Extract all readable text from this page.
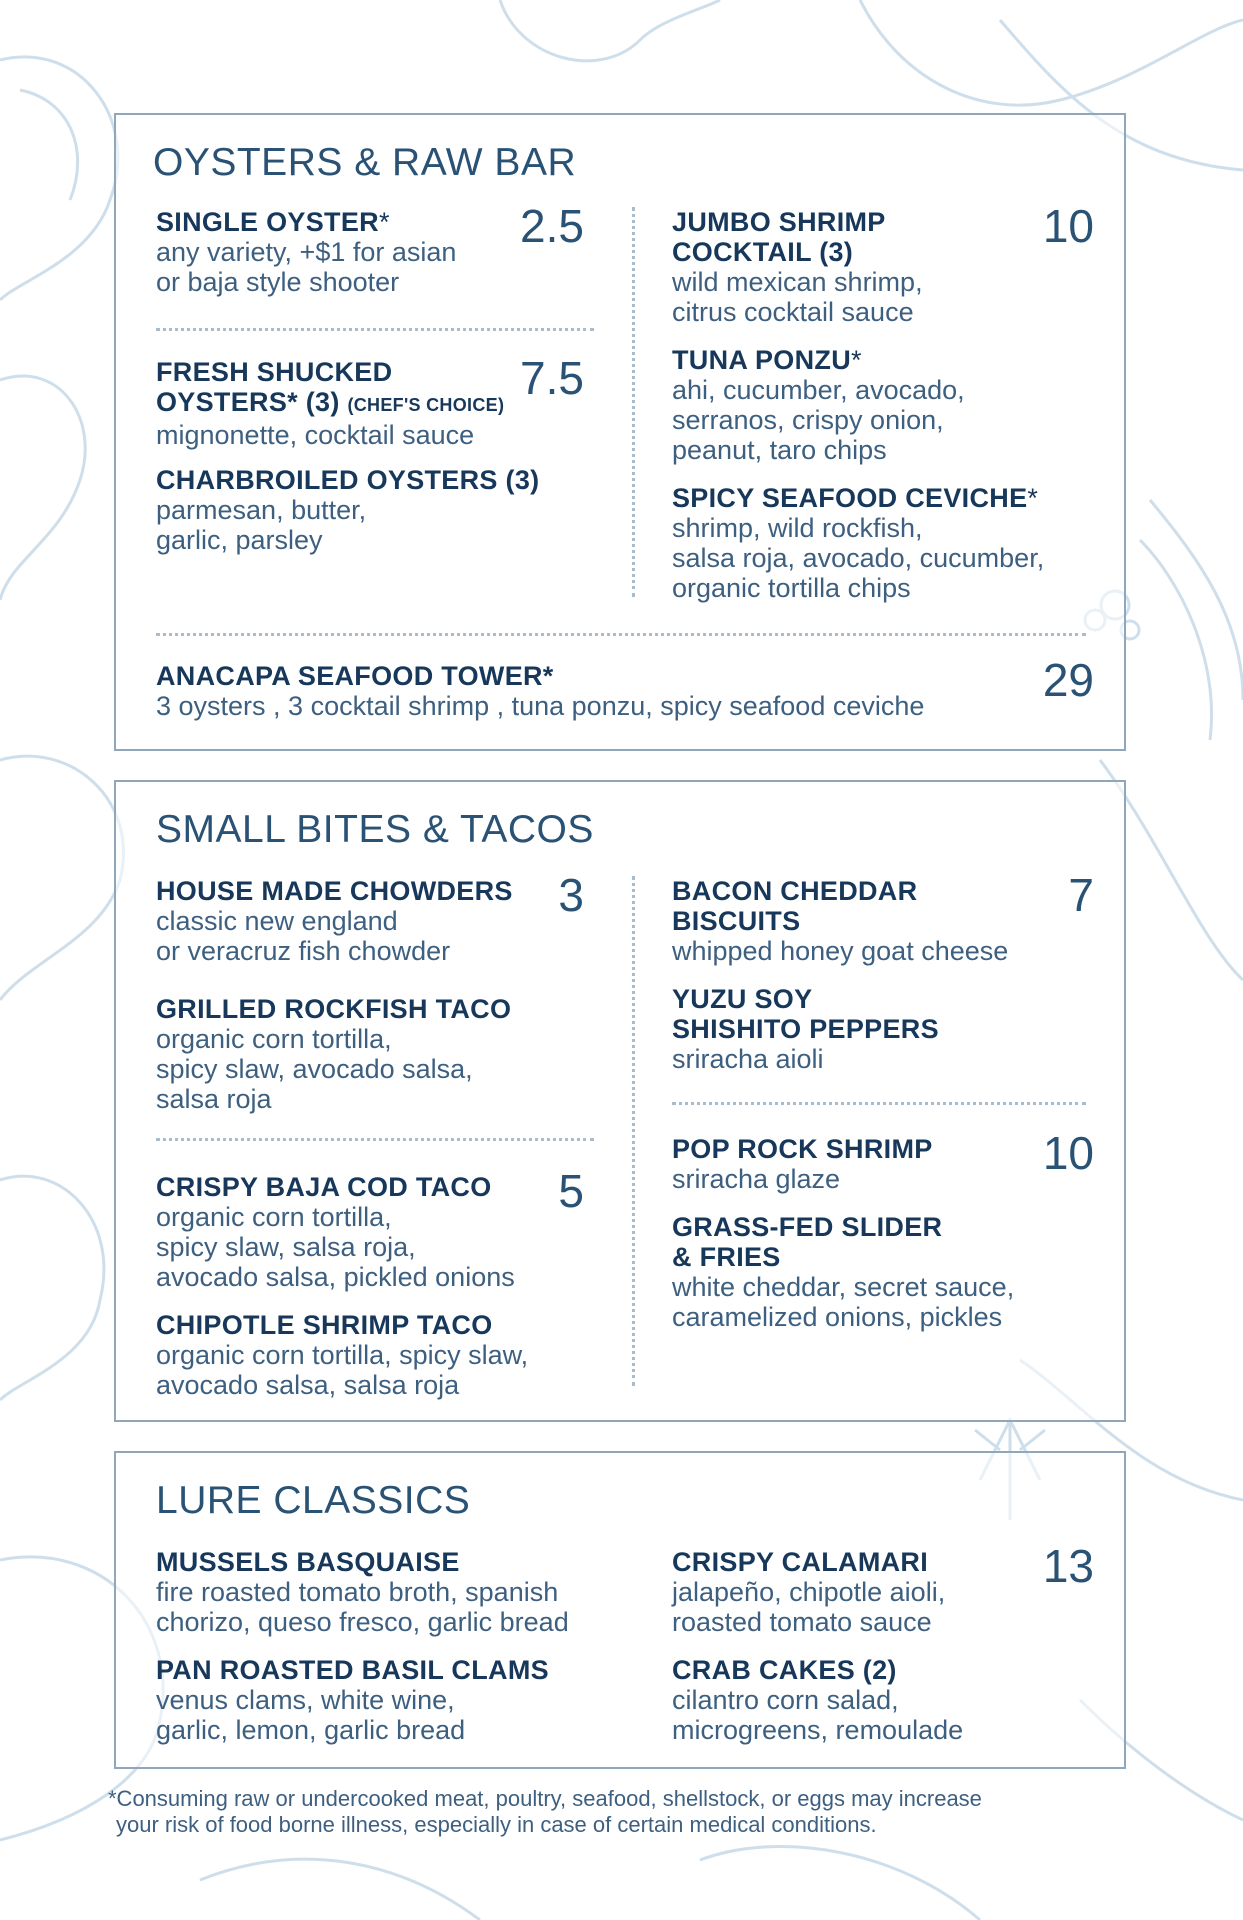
OYSTERS & RAW BAR
SINGLE OYSTER*
any variety, +$1 for asian
or baja style shooter
2.5
FRESH SHUCKED
OYSTERS* (3) (CHEF'S CHOICE)
mignonette, cocktail sauce
7.5
CHARBROILED OYSTERS (3)
parmesan, butter,
garlic, parsley
JUMBO SHRIMP
COCKTAIL (3)
wild mexican shrimp,
citrus cocktail sauce
10
TUNA PONZU*
ahi, cucumber, avocado,
serranos, crispy onion,
peanut, taro chips
SPICY SEAFOOD CEVICHE*
shrimp, wild rockfish,
salsa roja, avocado, cucumber,
organic tortilla chips
ANACAPA SEAFOOD TOWER*
3 oysters , 3 cocktail shrimp , tuna ponzu, spicy seafood ceviche	29
SMALL BITES & TACOS
HOUSE MADE CHOWDERS
classic new england
or veracruz fish chowder
3
GRILLED ROCKFISH TACO
organic corn tortilla,
spicy slaw, avocado salsa,
salsa roja
CRISPY BAJA COD TACO
organic corn tortilla,
spicy slaw, salsa roja,
avocado salsa, pickled onions
5
CHIPOTLE SHRIMP TACO
organic corn tortilla, spicy slaw,
avocado salsa, salsa roja
BACON CHEDDAR
BISCUITS
whipped honey goat cheese
7
YUZU SOY
SHISHITO PEPPERS
sriracha aioli
POP ROCK SHRIMP
sriracha glaze	10
GRASS-FED SLIDER
& FRIES
white cheddar, secret sauce,
caramelized onions, pickles
LURE CLASSICS
MUSSELS BASQUAISE
fire roasted tomato broth, spanish
chorizo, queso fresco, garlic bread
PAN ROASTED BASIL CLAMS
venus clams, white wine,
garlic, lemon, garlic bread
CRISPY CALAMARI
jalapeño, chipotle aioli,
roasted tomato sauce
13
CRAB CAKES (2)
cilantro corn salad,
microgreens, remoulade
*Consuming raw or undercooked meat, poultry, seafood, shellstock, or eggs may increase
your risk of food borne illness, especially in case of certain medical conditions.
